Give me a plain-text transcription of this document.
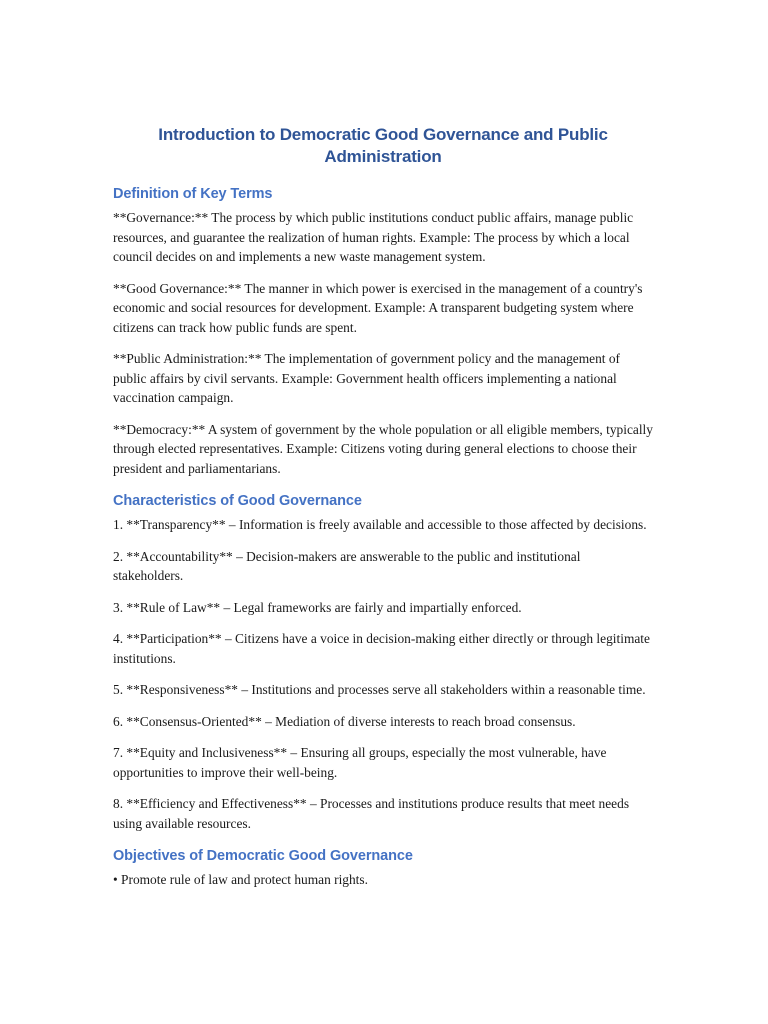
Introduction to Democratic Good Governance and Public Administration
Definition of Key Terms

**Governance:** The process by which public institutions conduct public affairs, manage public resources, and guarantee the realization of human rights. Example: The process by which a local council decides on and implements a new waste management system.

**Good Governance:** The manner in which power is exercised in the management of a country's economic and social resources for development. Example: A transparent budgeting system where citizens can track how public funds are spent.

**Public Administration:** The implementation of government policy and the management of public affairs by civil servants. Example: Government health officers implementing a national vaccination campaign.

**Democracy:** A system of government by the whole population or all eligible members, typically through elected representatives. Example: Citizens voting during general elections to choose their president and parliamentarians.

Characteristics of Good Governance

1. **Transparency** – Information is freely available and accessible to those affected by decisions.

2. **Accountability** – Decision-makers are answerable to the public and institutional stakeholders.

3. **Rule of Law** – Legal frameworks are fairly and impartially enforced.

4. **Participation** – Citizens have a voice in decision-making either directly or through legitimate institutions.

5. **Responsiveness** – Institutions and processes serve all stakeholders within a reasonable time.

6. **Consensus-Oriented** – Mediation of diverse interests to reach broad consensus.

7. **Equity and Inclusiveness** – Ensuring all groups, especially the most vulnerable, have opportunities to improve their well-being.

8. **Efficiency and Effectiveness** – Processes and institutions produce results that meet needs using available resources.

Objectives of Democratic Good Governance

• Promote rule of law and protect human rights.
